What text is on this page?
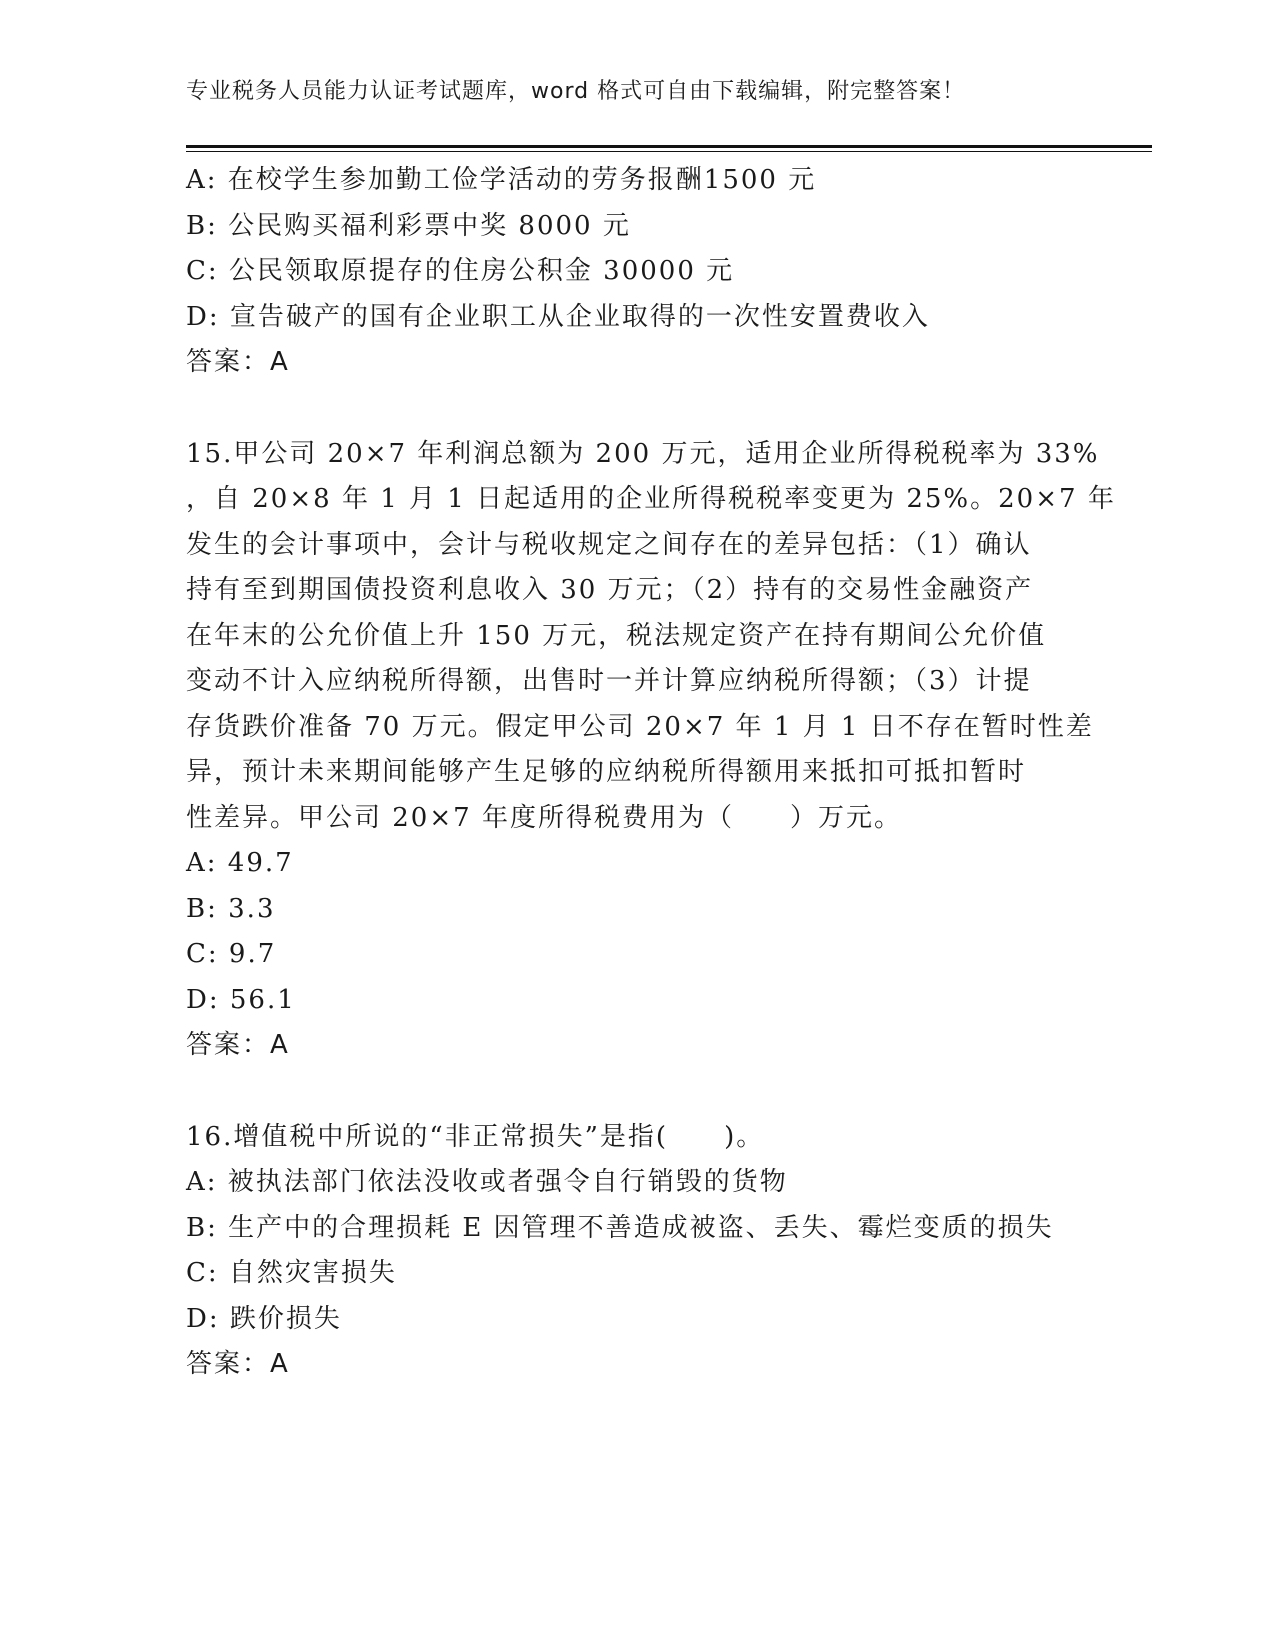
专业税务人员能力认证考试题库，word 格式可自由下载编辑，附完整答案！
A: 在校学生参加勤工俭学活动的劳务报酬1500 元
B: 公民购买福利彩票中奖 8000 元
C: 公民领取原提存的住房公积金 30000 元
D: 宣告破产的国有企业职工从企业取得的一次性安置费收入
答案：A
15.甲公司 20×7 年利润总额为 200 万元，适用企业所得税税率为 33%
，自 20×8 年 1 月 1 日起适用的企业所得税税率变更为 25%。20×7 年
发生的会计事项中，会计与税收规定之间存在的差异包括：（1）确认
持有至到期国债投资利息收入 30 万元；（2）持有的交易性金融资产
在年末的公允价值上升 150 万元，税法规定资产在持有期间公允价值
变动不计入应纳税所得额，出售时一并计算应纳税所得额；（3）计提
存货跌价准备 70 万元。假定甲公司 20×7 年 1 月 1 日不存在暂时性差
异，预计未来期间能够产生足够的应纳税所得额用来抵扣可抵扣暂时
性差异。甲公司 20×7 年度所得税费用为（　　）万元。
A: 49.7
B: 3.3
C: 9.7
D: 56.1
答案：A
16.增值税中所说的“非正常损失”是指(　　)。
A: 被执法部门依法没收或者强令自行销毁的货物
B: 生产中的合理损耗 E 因管理不善造成被盗、丢失、霉烂变质的损失
C: 自然灾害损失
D: 跌价损失
答案：A
